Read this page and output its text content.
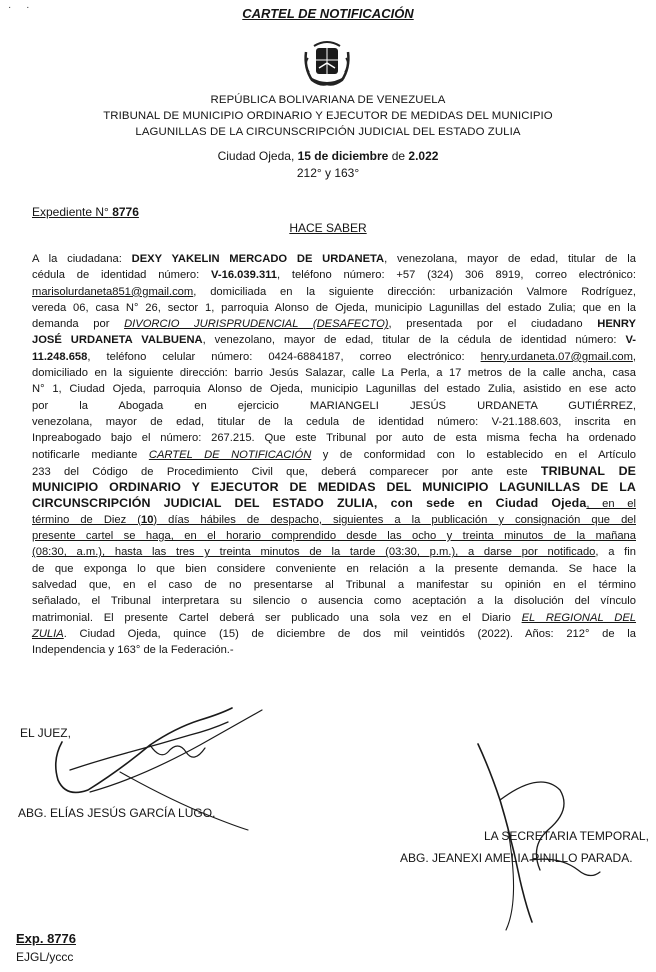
· ·	CARTEL DE NOTIFICACIÓN
REPÚBLICA BOLIVARIANA DE VENEZUELA
TRIBUNAL DE MUNICIPIO ORDINARIO Y EJECUTOR DE MEDIDAS DEL MUNICIPIO
LAGUNILLAS DE LA CIRCUNSCRIPCIÓN JUDICIAL DEL ESTADO ZULIA
Ciudad Ojeda, 15 de diciembre de 2.022
212° y 163°
Expediente N° 8776
HACE SABER
A la ciudadana: DEXY YAKELIN MERCADO DE URDANETA, venezolana, mayor de edad, titular de la
cédula de identidad número: V-16.039.311, teléfono número: +57 (324) 306 8919, correo electrónico:
marisolurdaneta851@gmail.com, domiciliada en la siguiente dirección: urbanización Valmore Rodríguez,
vereda 06, casa N° 26, sector 1, parroquia Alonso de Ojeda, municipio Lagunillas del estado Zulia; que en la
demanda por DIVORCIO JURISPRUDENCIAL (DESAFECTO), presentada por el ciudadano HENRY
JOSÉ URDANETA VALBUENA, venezolano, mayor de edad, titular de la cédula de identidad número: V-
11.248.658, teléfono celular número: 0424-6884187, correo electrónico: henry.urdaneta.07@gmail.com,
domiciliado en la siguiente dirección: barrio Jesús Salazar, calle La Perla, a 17 metros de la calle ancha, casa
N° 1, Ciudad Ojeda, parroquia Alonso de Ojeda, municipio Lagunillas del estado Zulia, asistido en ese acto
por la Abogada en ejercicio MARIANGELI JESÚS URDANETA GUTIÉRREZ,
venezolana, mayor de edad, titular de la cedula de identidad número: V-21.188.603, inscrita en
Inpreabogado bajo el número: 267.215. Que este Tribunal por auto de esta misma fecha ha ordenado
notificarle mediante CARTEL DE NOTIFICACIÓN y de conformidad con lo establecido en el Artículo
233 del Código de Procedimiento Civil que, deberá comparecer por ante este TRIBUNAL DE
MUNICIPIO ORDINARIO Y EJECUTOR DE MEDIDAS DEL MUNICIPIO LAGUNILLAS DE LA
CIRCUNSCRIPCIÓN JUDICIAL DEL ESTADO ZULIA, con sede en Ciudad Ojeda, en el
término de Diez (10) días hábiles de despacho, siguientes a la publicación y consignación que del
presente cartel se haga, en el horario comprendido desde las ocho y treinta minutos de la mañana
(08:30, a.m.), hasta las tres y treinta minutos de la tarde (03:30, p.m.), a darse por notificado, a fin
de que exponga lo que bien considere conveniente en relación a la presente demanda. Se hace la
salvedad que, en el caso de no presentarse al Tribunal a manifestar su opinión en el término
señalado, el Tribunal interpretara su silencio o ausencia como aceptación a la disolución del vínculo
matrimonial. El presente Cartel deberá ser publicado una sola vez en el Diario EL REGIONAL DEL
ZULIA. Ciudad Ojeda, quince (15) de diciembre de dos mil veintidós (2022). Años: 212° de la
Independencia y 163° de la Federación.-
EL JUEZ,
ABG. ELÍAS JESÚS GARCÍA LUGO.
LA SECRETARIA TEMPORAL,
ABG. JEANEXI AMELIA PINILLO PARADA.
Exp. 8776
EJGL/yccc
